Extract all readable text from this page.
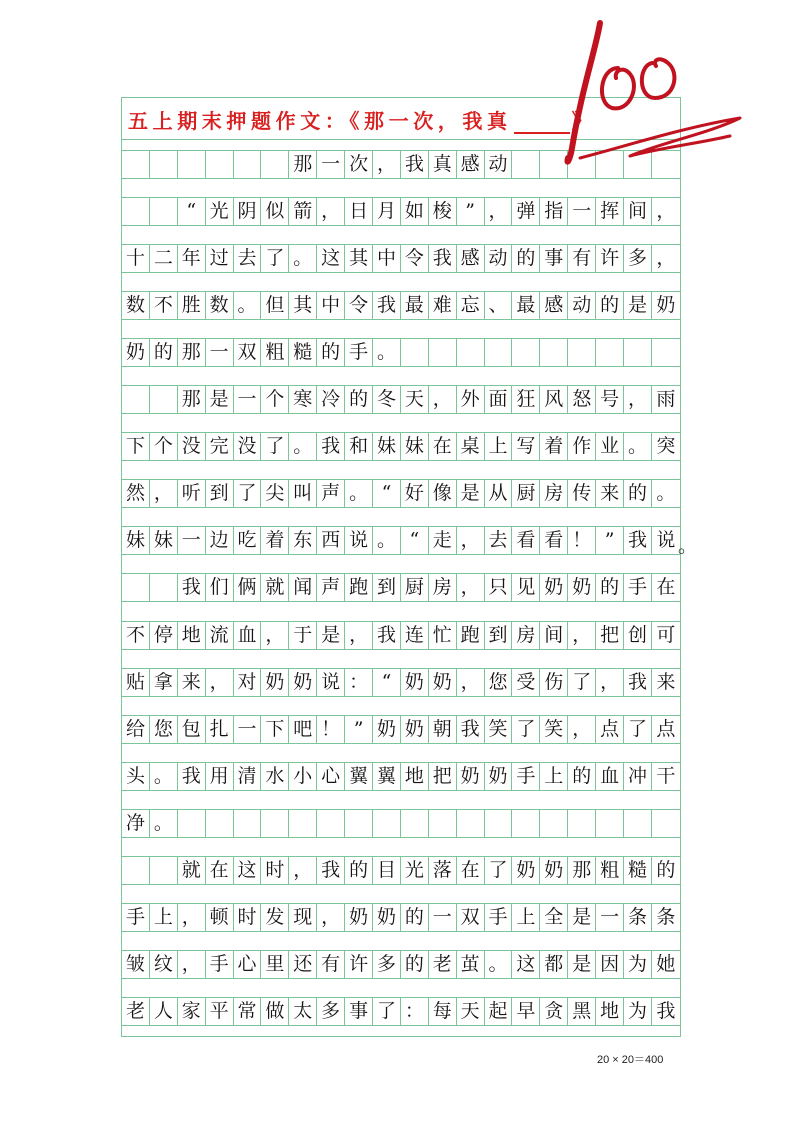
五上期末押题作文：《那一次，我真	》
那 一 次 ， 我 真 感 动
“ 光 阴 似 箭 ， 日 月 如 梭 ” ， 弹 指 一 挥 间 ，
十 二 年 过 去 了 。 这 其 中 令 我 感 动 的 事 有 许 多 ，
数 不 胜 数 。 但 其 中 令 我 最 难 忘 、 最 感 动 的 是 奶
奶 的 那 一 双 粗 糙 的 手 。
那 是 一 个 寒 冷 的 冬 天 ， 外 面 狂 风 怒 号 ， 雨
下 个 没 完 没 了 。 我 和 妹 妹 在 桌 上 写 着 作 业 。 突
然 ， 听 到 了 尖 叫 声 。 “ 好 像 是 从 厨 房 传 来 的 。
妹 妹 一 边 吃 着 东 西 说 。 “ 走 ， 去 看 看 ！ ” 我 说
我 们 俩 就 闻 声 跑 到 厨 房 ， 只 见 奶 奶 的 手 在
不 停 地 流 血 ， 于 是 ， 我 连 忙 跑 到 房 间 ， 把 创 可
贴 拿 来 ， 对 奶 奶 说 ： “ 奶 奶 ， 您 受 伤 了 ， 我 来
给 您 包 扎 一 下 吧 ！ ” 奶 奶 朝 我 笑 了 笑 ， 点 了 点
头 。 我 用 清 水 小 心 翼 翼 地 把 奶 奶 手 上 的 血 冲 干
净 。
就 在 这 时 ， 我 的 目 光 落 在 了 奶 奶 那 粗 糙 的
手 上 ， 顿 时 发 现 ， 奶 奶 的 一 双 手 上 全 是 一 条 条
皱 纹 ， 手 心 里 还 有 许 多 的 老 茧 。 这 都 是 因 为 她
老 人 家 平 常 做 太 多 事 了 ： 每 天 起 早 贪 黑 地 为 我
。
20 × 20＝400
